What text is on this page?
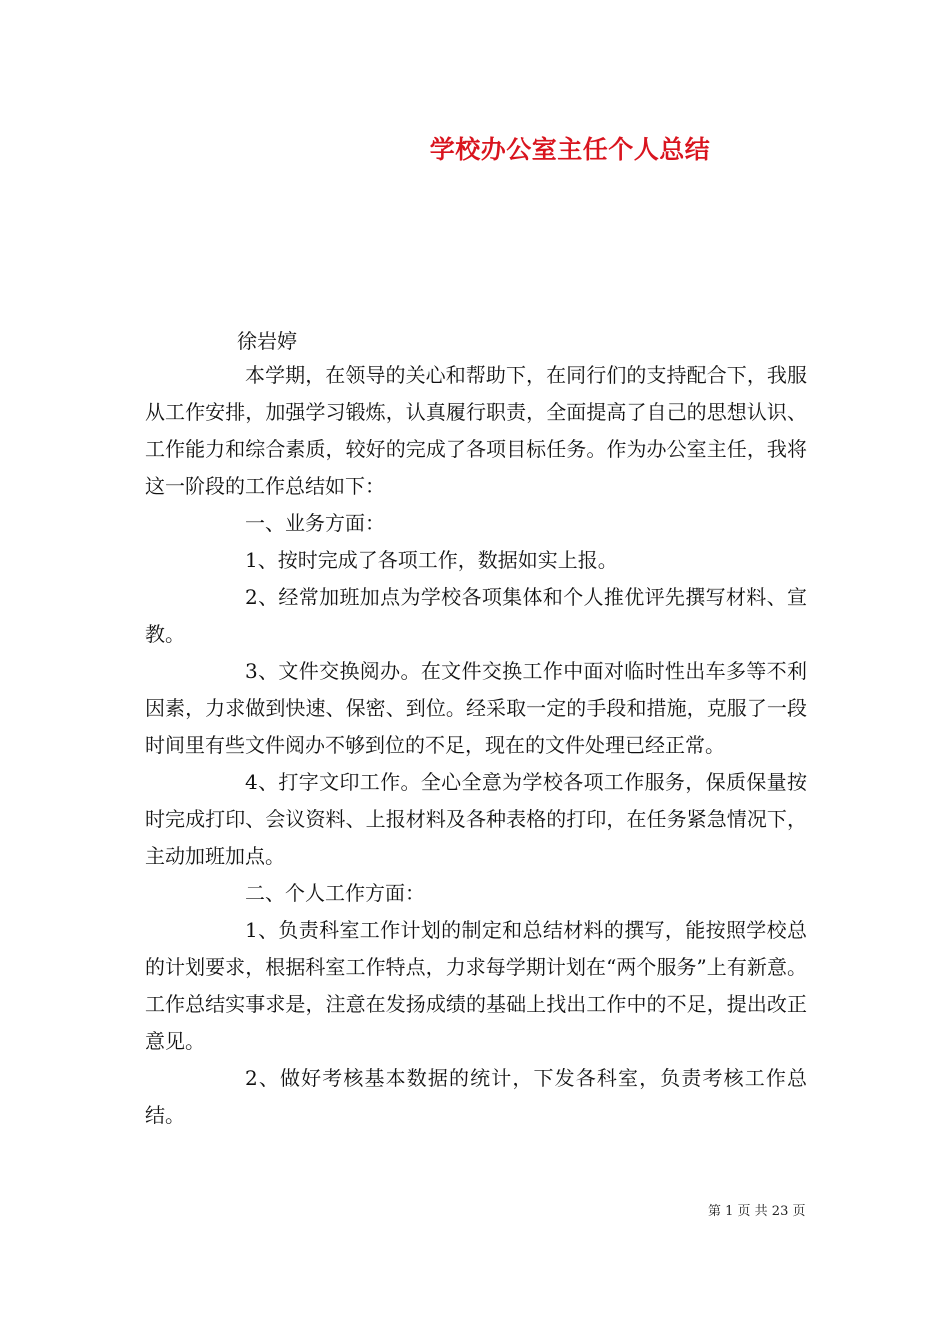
学校办公室主任个人总结
徐岩婷

本学期，在领导的关心和帮助下，在同行们的支持配合下，我服从工作安排，加强学习锻炼，认真履行职责，全面提高了自己的思想认识、工作能力和综合素质，较好的完成了各项目标任务。作为办公室主任，我将这一阶段的工作总结如下：

一、业务方面：

1、按时完成了各项工作，数据如实上报。

2、经常加班加点为学校各项集体和个人推优评先撰写材料、宣教。

3、文件交换阅办。在文件交换工作中面对临时性出车多等不利因素，力求做到快速、保密、到位。经采取一定的手段和措施，克服了一段时间里有些文件阅办不够到位的不足，现在的文件处理已经正常。

4、打字文印工作。全心全意为学校各项工作服务，保质保量按时完成打印、会议资料、上报材料及各种表格的打印，在任务紧急情况下，主动加班加点。

二、个人工作方面：

1、负责科室工作计划的制定和总结材料的撰写，能按照学校总的计划要求，根据科室工作特点，力求每学期计划在“两个服务”上有新意。工作总结实事求是，注意在发扬成绩的基础上找出工作中的不足，提出改正意见。

2、做好考核基本数据的统计，下发各科室，负责考核工作总结。

第 1 页 共 23 页
